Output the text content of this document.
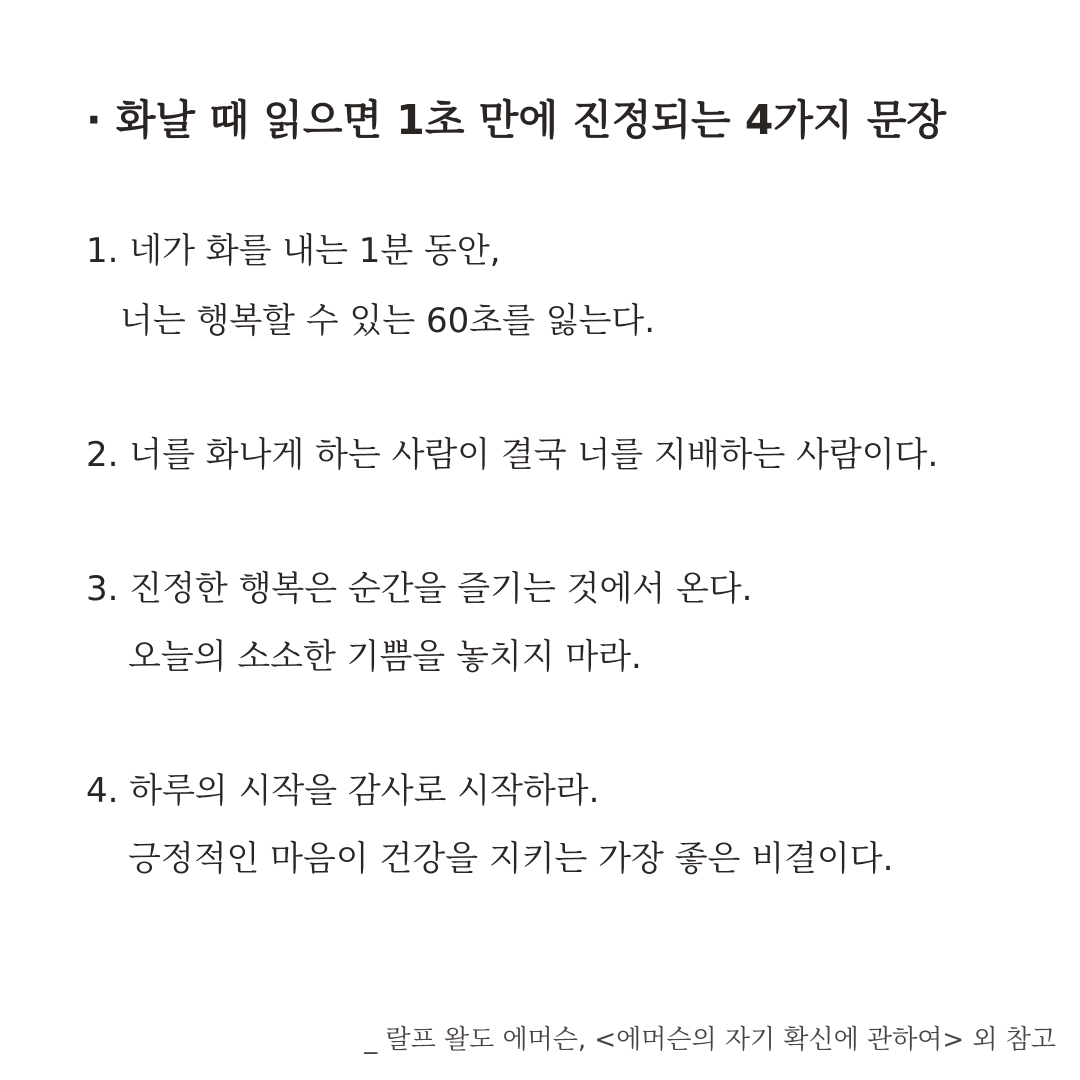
· 화날 때 읽으면 1초 만에 진정되는 4가지 문장

1. 네가 화를 내는 1분 동안,

너는 행복할 수 있는 60초를 잃는다.

2. 너를 화나게 하는 사람이 결국 너를 지배하는 사람이다.

3. 진정한 행복은 순간을 즐기는 것에서 온다.

오늘의 소소한 기쁨을 놓치지 마라.

4. 하루의 시작을 감사로 시작하라.

긍정적인 마음이 건강을 지키는 가장 좋은 비결이다.

_ 랄프 왈도 에머슨, <에머슨의 자기 확신에 관하여> 외 참고
